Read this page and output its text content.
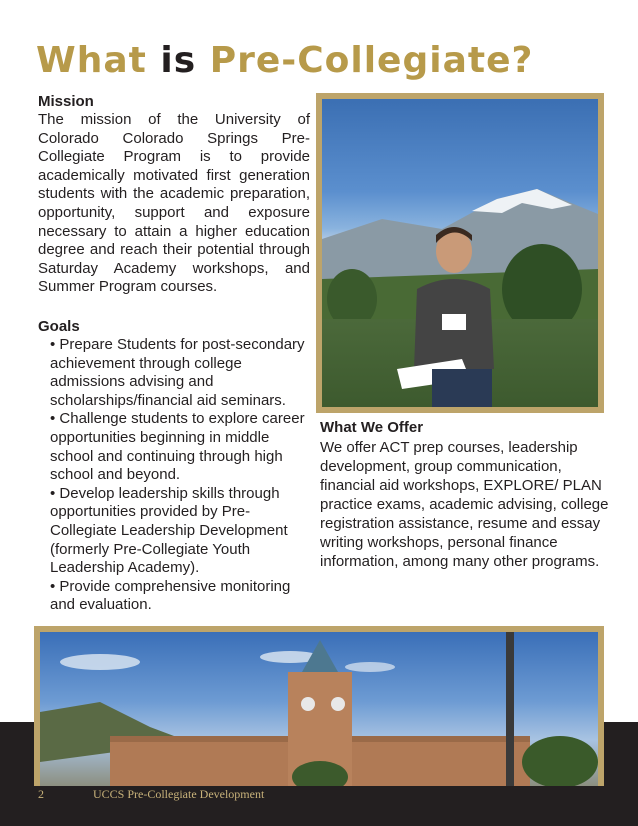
What is Pre-Collegiate?
Mission
The mission of the University of Colorado Colorado Springs Pre-Collegiate Program is to provide academically motivated first generation students with the academic preparation, opportunity, support and exposure necessary to attain a higher education degree and reach their potential through Saturday Academy workshops, and Summer Program courses.
Goals
• Prepare Students for post-secondary achievement through college admissions advising and scholarships/financial aid seminars.
• Challenge students to explore career opportunities beginning in middle school and continuing through high school and beyond.
• Develop leadership skills through opportunities provided by Pre-Collegiate Leadership Development (formerly Pre-Collegiate Youth Leadership Academy).
• Provide comprehensive monitoring and evaluation.
What We Offer
We offer ACT prep courses, leadership development, group communication, financial aid workshops, EXPLORE/ PLAN practice exams, academic advising, college registration assistance, resume and essay writing workshops, personal finance information, among many other programs.
2	UCCS Pre-Collegiate Development
